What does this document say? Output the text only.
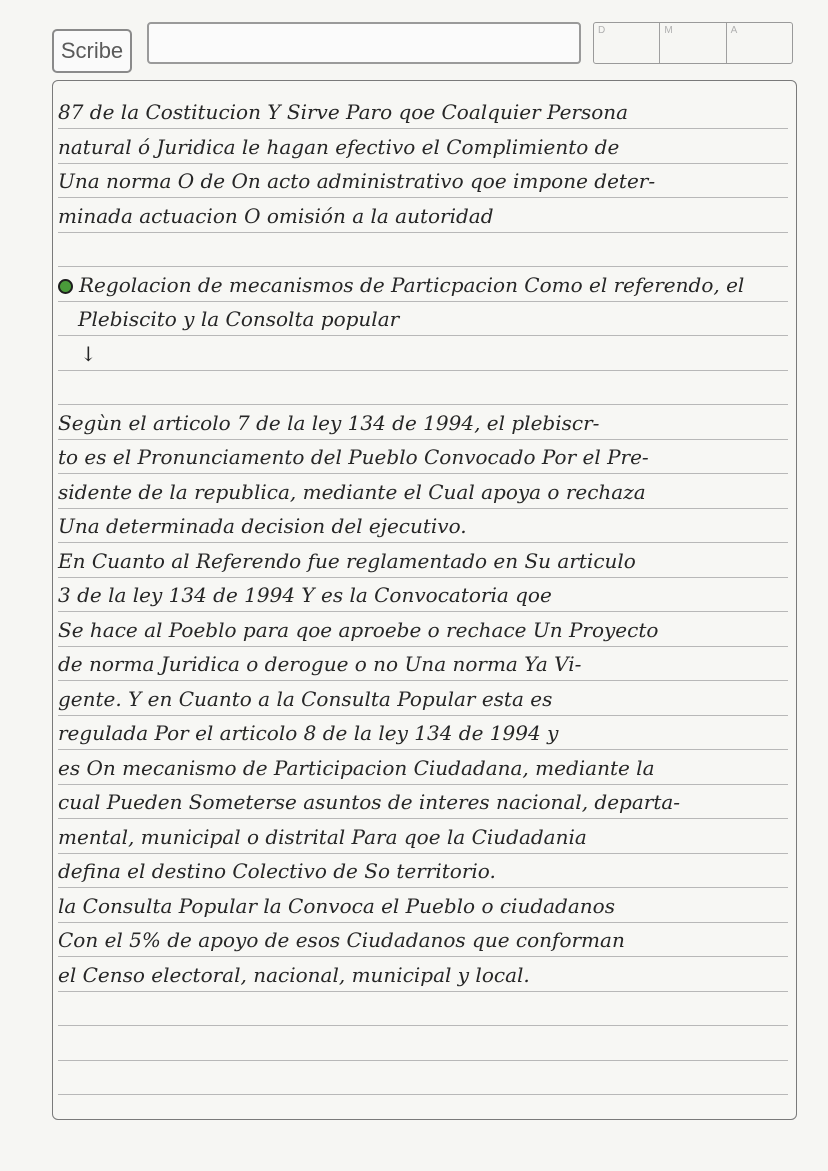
Scribe
D	M	A

87 de la Costitucion Y Sirve Paro qoe Coalquier Persona

natural ó Juridica le hagan efectivo el Complimiento de

Una norma O de On acto administrativo qoe impone deter-

minada actuacion O omisión a la autoridad

Regolacion de mecanismos de Particpacion Como el referendo, el

Plebiscito y la Consolta popular

↓

Segùn el articolo 7 de la ley 134 de 1994, el plebiscr-

to es el Pronunciamento del Pueblo Convocado Por el Pre-

sidente de la republica, mediante el Cual apoya o rechaza

Una determinada decision del ejecutivo.

En Cuanto al Referendo fue reglamentado en Su articulo

3 de la ley 134 de 1994 Y es la Convocatoria qoe

Se hace al Poeblo para qoe aproebe o rechace Un Proyecto

de norma Juridica o derogue o no Una norma Ya Vi-

gente. Y en Cuanto a la Consulta Popular esta es

regulada Por el articolo 8 de la ley 134 de 1994 y

es On mecanismo de Participacion Ciudadana, mediante la

cual Pueden Someterse asuntos de interes nacional, departa-

mental, municipal o distrital Para qoe la Ciudadania

defina el destino Colectivo de So territorio.

la Consulta Popular la Convoca el Pueblo o ciudadanos

Con el 5% de apoyo de esos Ciudadanos que conforman

el Censo electoral, nacional, municipal y local.
